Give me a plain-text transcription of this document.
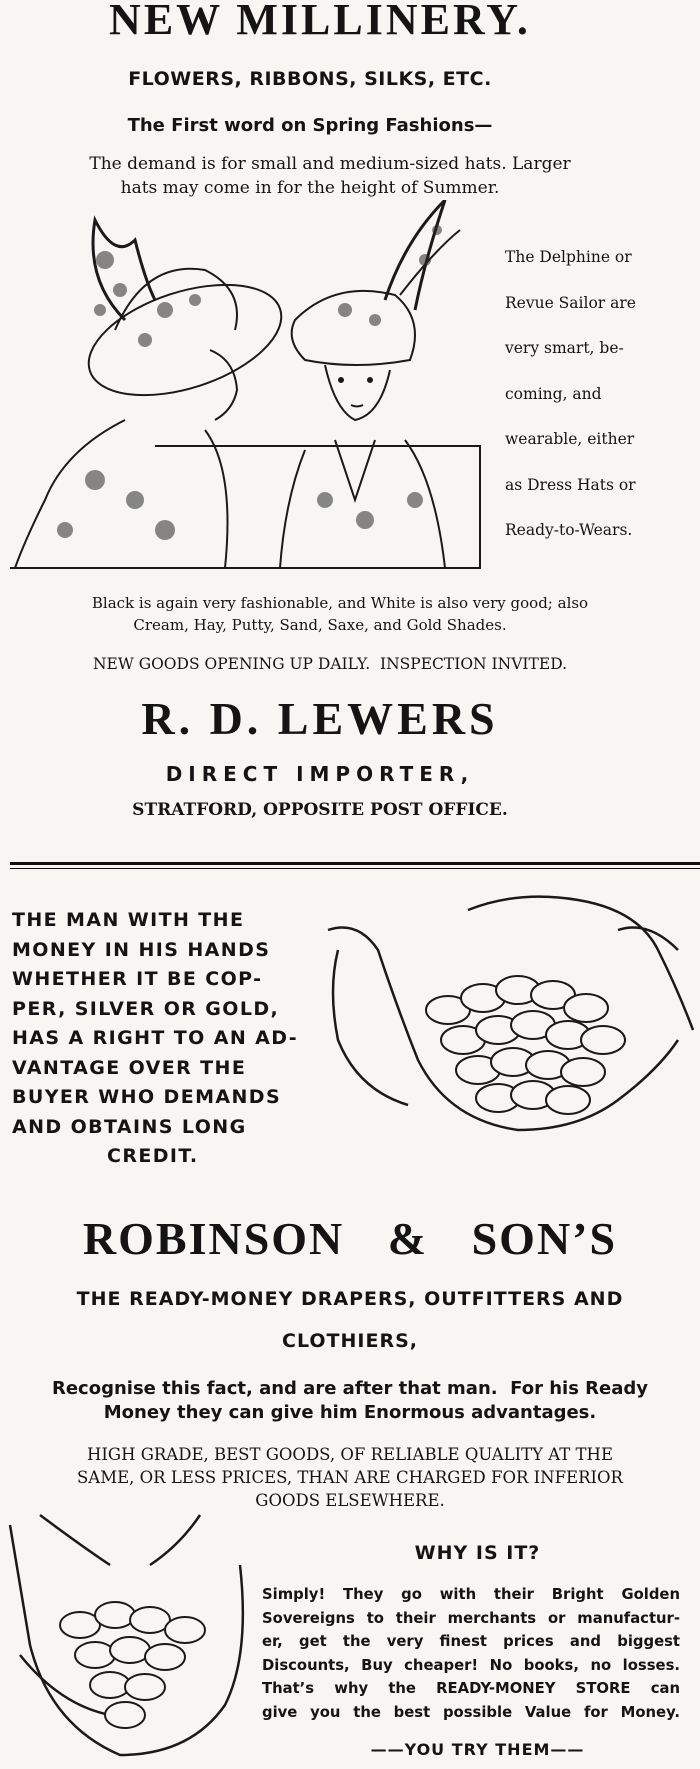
NEW MILLINERY.
FLOWERS, RIBBONS, SILKS, ETC.
The First word on Spring Fashions—
The demand is for small and medium-sized hats. Larger
hats may come in for the height of Summer.
The Delphine or
Revue Sailor are
very smart, be-
coming, and
wearable, either
as Dress Hats or
Ready-to-Wears.
Black is again very fashionable, and White is also very good; also
Cream, Hay, Putty, Sand, Saxe, and Gold Shades.
NEW GOODS OPENING UP DAILY.  INSPECTION INVITED.
R. D. LEWERS
DIRECT IMPORTER,
STRATFORD, OPPOSITE POST OFFICE.
THE MAN WITH THE
MONEY IN HIS HANDS
WHETHER IT BE COP-
PER, SILVER OR GOLD,
HAS A RIGHT TO AN AD-
VANTAGE OVER THE
BUYER WHO DEMANDS
AND OBTAINS LONG
CREDIT.
ROBINSON & SON’S
THE READY-MONEY DRAPERS, OUTFITTERS AND
CLOTHIERS,
Recognise this fact, and are after that man.  For his Ready
Money they can give him Enormous advantages.
HIGH GRADE, BEST GOODS, OF RELIABLE QUALITY AT THE
SAME, OR LESS PRICES, THAN ARE CHARGED FOR INFERIOR
GOODS ELSEWHERE.
WHY IS IT?
Simply! They go with their Bright Golden
Sovereigns to their merchants or manufactur-
er, get the very finest prices and biggest
Discounts, Buy cheaper! No books, no losses.
That’s why the READY-MONEY STORE can
give you the best possible Value for Money.
——YOU TRY THEM——
